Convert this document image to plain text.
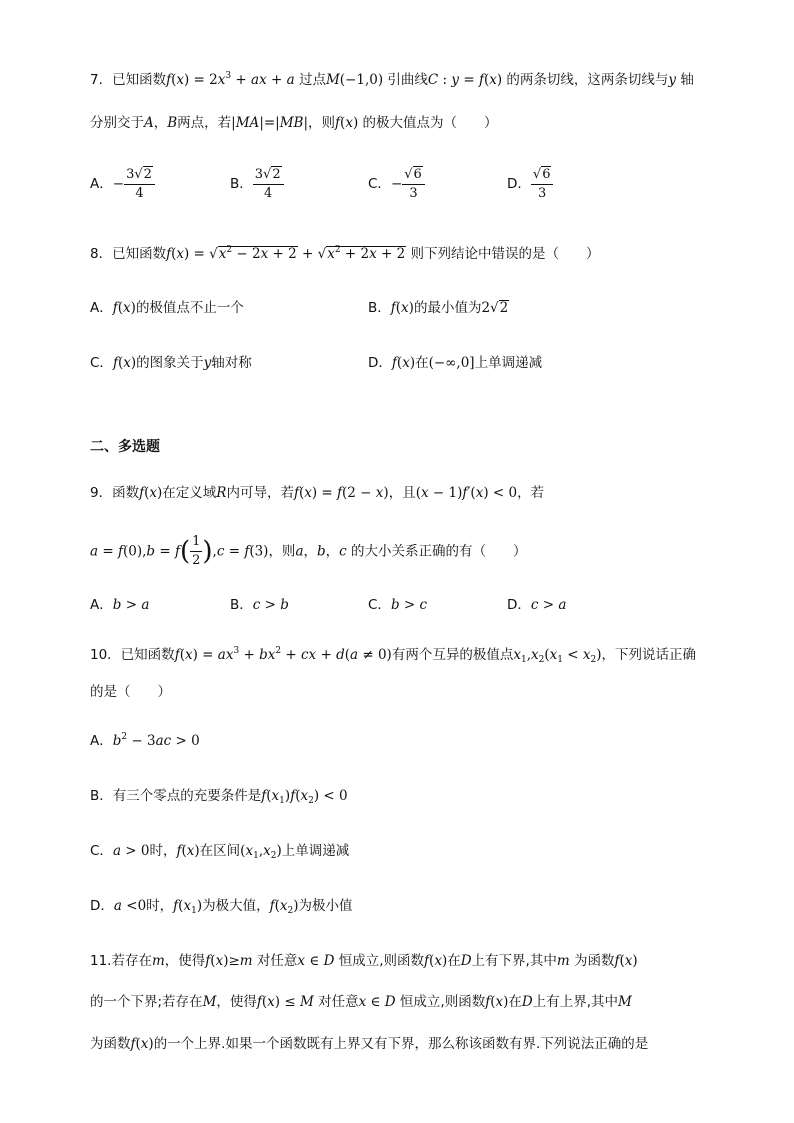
7．已知函数$f(x) = 2x^3$ + ax + a 过点M(−1,0) 引曲线C : y = f(x) 的两条切线，这两条切线与y 轴
分别交于A，B两点，若|MA|=|MB|，则f(x) 的极大值点为（　　）
A．− $\frac{3√2}{4}$	B． $\frac{3√2}{4}$	C．− $\frac{√6}{3}$	D． $\frac{√6}{3}$
8．已知函数$f(x) = √x^2 - 2x + 2 + √x^2 + 2x + 2$ 则下列结论中错误的是（　　）
A．f(x)的极值点不止一个	B．f(x)的最小值为2√2
C．f(x)的图象关于y轴对称	D．f(x)在(−∞,0]上单调递减
二、多选题
9．函数f(x)在定义域R内可导，若f(x) = f(2 − x)，且(x − 1)f′(x) < 0，若
$a = f(0),b = f( \frac{1}{2} ),c = f(3)$，则a，b，c 的大小关系正确的有（　　）
A．b > a	B．c > b	C．b > c	D．c > a
10．已知函数$f(x) = ax^3 + bx^2$ + cx + d(a ≠ 0)有两个互异的极值点$x_1,x_2(x_1 < x_2)$，下列说话正确
的是（　　）
A．$b^2 - 3ac > 0$
B．有三个零点的充要条件是$f(x_1)f(x_2) < 0$
C．a > 0时，f(x)在区间$(x_1,x_2)$上单调递减
D．a <0时，$f(x_1)$为极大值，$f(x_2)$为极小值
11.若存在m，使得f(x)≥m 对任意x ∈ D 恒成立,则函数f(x)在D上有下界,其中m 为函数f(x)
的一个下界;若存在M，使得f(x) ≤ M 对任意x ∈ D 恒成立,则函数f(x)在D上有上界,其中M
为函数f(x)的一个上界.如果一个函数既有上界又有下界，那么称该函数有界.下列说法正确的是
